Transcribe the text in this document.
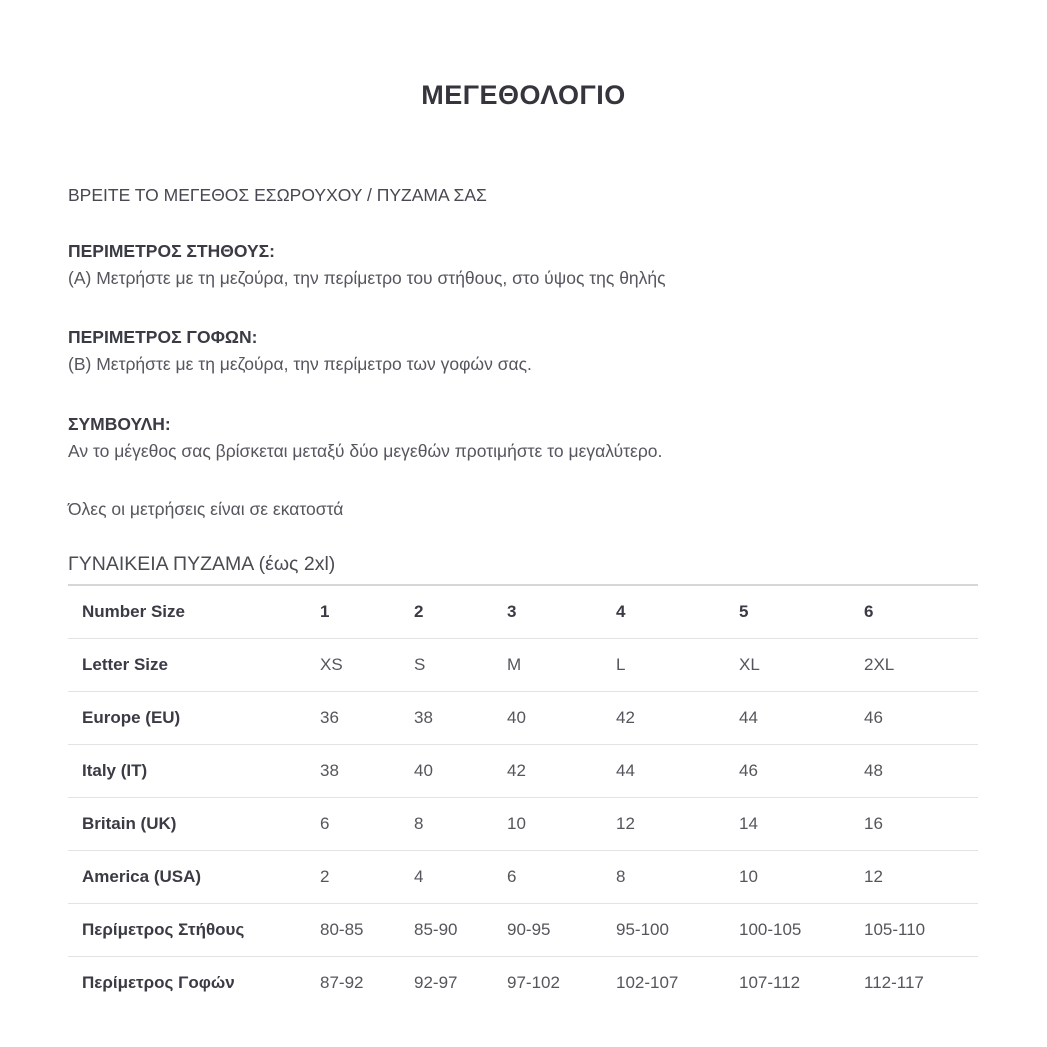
ΜΕΓΕΘΟΛΟΓΙΟ
ΒΡΕΙΤΕ ΤΟ ΜΕΓΕΘΟΣ ΕΣΩΡΟΥΧΟΥ / ΠΥΖΑΜΑ ΣΑΣ
ΠΕΡΙΜΕΤΡΟΣ ΣΤΗΘΟΥΣ:
(A) Μετρήστε με τη μεζούρα, την περίμετρο του στήθους, στο ύψος της θηλής
ΠΕΡΙΜΕΤΡΟΣ ΓΟΦΩΝ:
(B) Μετρήστε με τη μεζούρα, την περίμετρο των γοφών σας.
ΣΥΜΒΟΥΛΗ:
Αν το μέγεθος σας βρίσκεται μεταξύ δύο μεγεθών προτιμήστε το μεγαλύτερο.
Όλες οι μετρήσεις είναι σε εκατοστά
ΓΥΝΑΙΚΕΙΑ ΠΥΖΑΜΑ (έως 2xl)
Number Size	1	2	3	4	5	6
Letter Size	XS	S	M	L	XL	2XL
Europe (EU)	36	38	40	42	44	46
Italy (IT)	38	40	42	44	46	48
Britain (UK)	6	8	10	12	14	16
America (USA)	2	4	6	8	10	12
Περίμετρος Στήθους	80-85	85-90	90-95	95-100	100-105	105-110
Περίμετρος Γοφών	87-92	92-97	97-102	102-107	107-112	112-117
